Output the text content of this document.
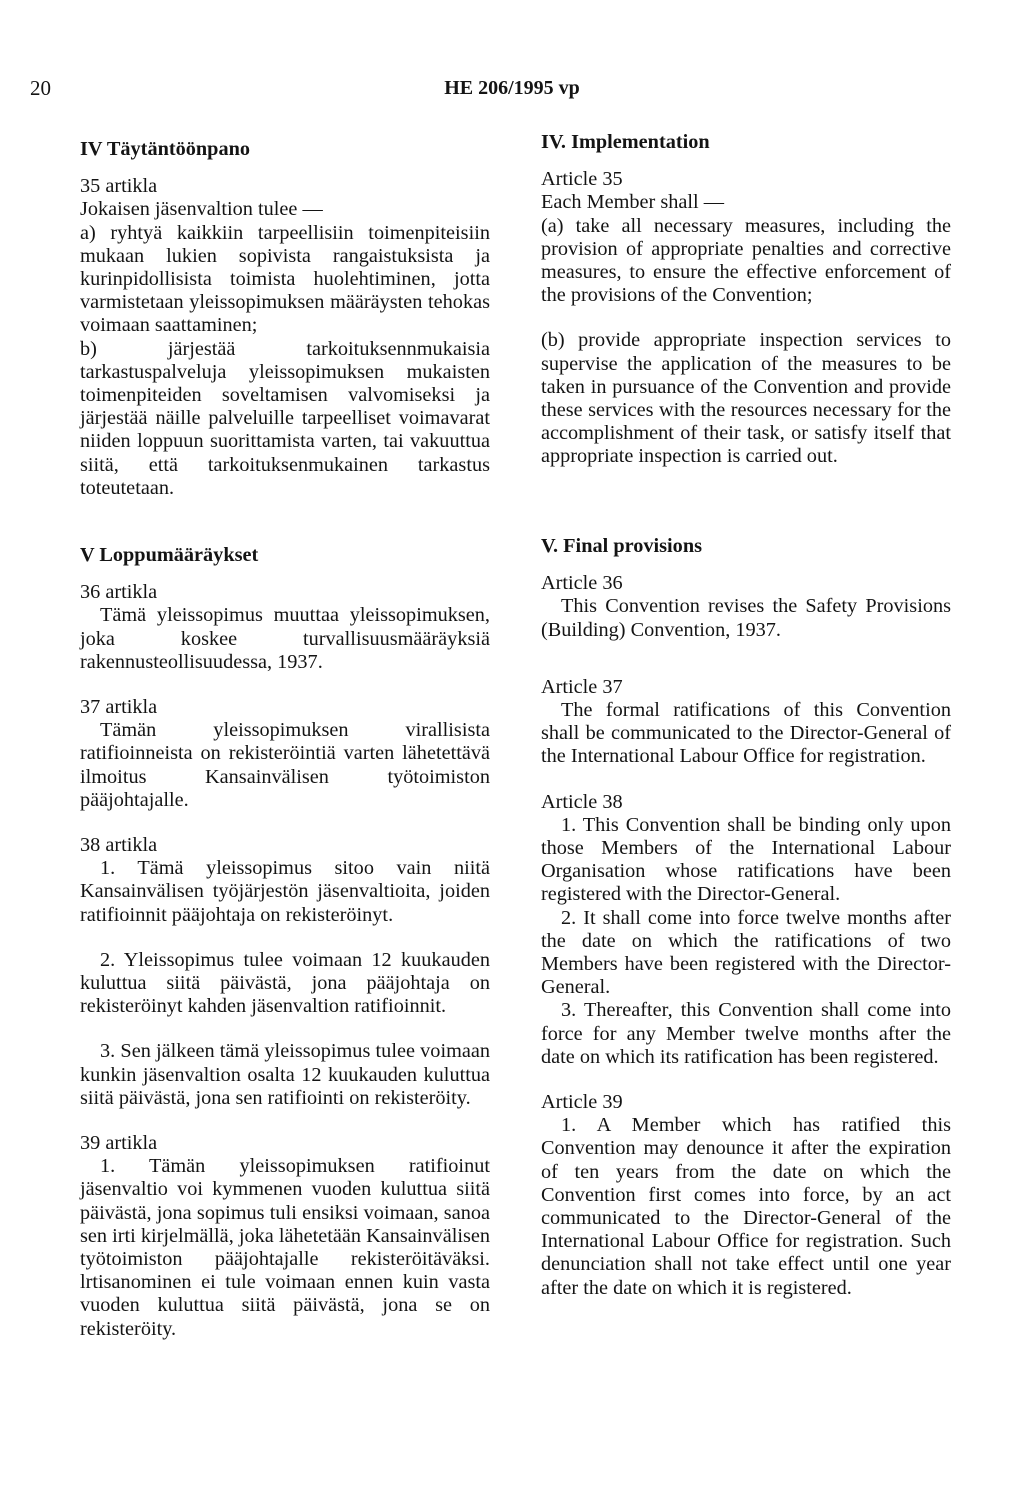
20	HE 206/1995 vp

IV Täytäntöönpano

35 artikla

Jokaisen jäsenvaltion tulee —

a) ryhtyä kaikkiin tarpeellisiin toimenpiteisiin mukaan lukien sopivista rangaistuksista ja kurinpidollisista toimista huolehtiminen, jotta varmistetaan yleissopimuksen määräysten tehokas voimaan saattaminen;

b) järjestää tarkoituksennmukaisia tarkastuspalveluja yleissopimuksen mukaisten toimenpiteiden soveltamisen valvomiseksi ja järjestää näille palveluille tarpeelliset voimavarat niiden loppuun suorittamista varten, tai vakuuttua siitä, että tarkoituksenmukainen tarkastus toteutetaan.

V Loppumääräykset

36 artikla

Tämä yleissopimus muuttaa yleissopimuksen, joka koskee turvallisuusmääräyksiä rakennusteollisuudessa, 1937.

37 artikla

Tämän yleissopimuksen virallisista ratifioinneista on rekisteröintiä varten lähetettävä ilmoitus Kansainvälisen työtoimiston pääjohtajalle.

38 artikla

1. Tämä yleissopimus sitoo vain niitä Kansainvälisen työjärjestön jäsenvaltioita, joiden ratifioinnit pääjohtaja on rekisteröinyt.

2. Yleissopimus tulee voimaan 12 kuukauden kuluttua siitä päivästä, jona pääjohtaja on rekisteröinyt kahden jäsenvaltion ratifioinnit.

3. Sen jälkeen tämä yleissopimus tulee voimaan kunkin jäsenvaltion osalta 12 kuukauden kuluttua siitä päivästä, jona sen ratifiointi on rekisteröity.

39 artikla

1. Tämän yleissopimuksen ratifioinut jäsenvaltio voi kymmenen vuoden kuluttua siitä päivästä, jona sopimus tuli ensiksi voimaan, sanoa sen irti kirjelmällä, joka lähetetään Kansainvälisen työtoimiston pääjohtajalle rekisteröitäväksi. lrtisanominen ei tule voimaan ennen kuin vasta vuoden kuluttua siitä päivästä, jona se on rekisteröity.

IV. Implementation

Article 35

Each Member shall —

(a) take all necessary measures, including the provision of appropriate penalties and corrective measures, to ensure the effective enforcement of the provisions of the Convention;

(b) provide appropriate inspection services to supervise the application of the measures to be taken in pursuance of the Convention and provide these services with the resources necessary for the accomplishment of their task, or satisfy itself that appropriate inspection is carried out.

V. Final provisions

Article 36

This Convention revises the Safety Provisions (Building) Convention, 1937.

Article 37

The formal ratifications of this Convention shall be communicated to the Director-General of the International Labour Office for registration.

Article 38

1. This Convention shall be binding only upon those Members of the International Labour Organisation whose ratifications have been registered with the Director-General.

2. It shall come into force twelve months after the date on which the ratifications of two Members have been registered with the Director-General.

3. Thereafter, this Convention shall come into force for any Member twelve months after the date on which its ratification has been registered.

Article 39

1. A Member which has ratified this Convention may denounce it after the expiration of ten years from the date on which the Convention first comes into force, by an act communicated to the Director-General of the International Labour Office for registration. Such denunciation shall not take effect until one year after the date on which it is registered.
